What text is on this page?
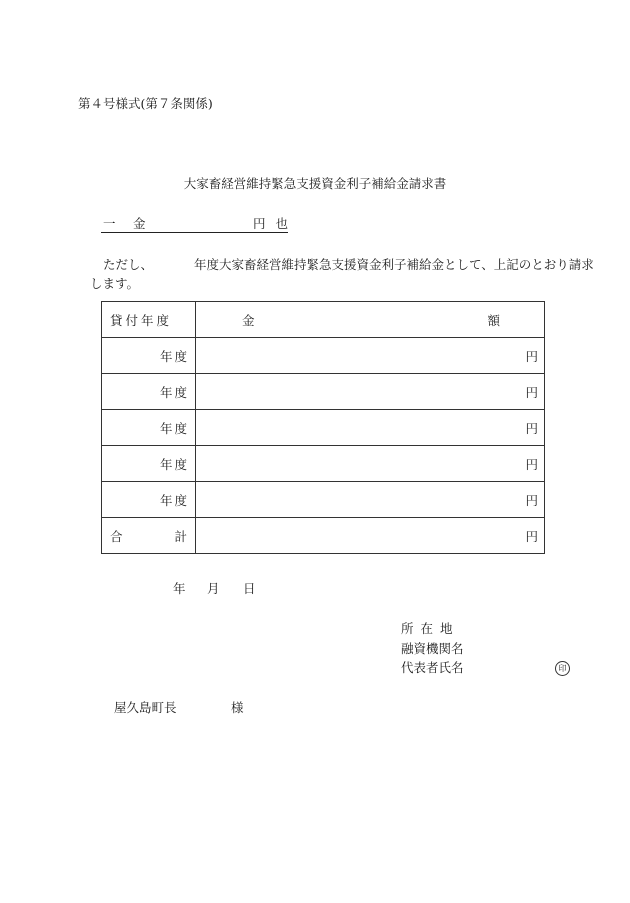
第４号様式(第７条関係)
大家畜経営維持緊急支援資金利子補給金請求書
一 金	円也
ただし、	年度大家畜経営維持緊急支援資金利子補給金として、上記のとおり請求
します。
貸付年度	金 額

年度	円

年度	円

年度	円

年度	円

年度	円

合 計	円
年 月 日
所在地
融資機関名
代表者氏名	印
屋久島町長	様
